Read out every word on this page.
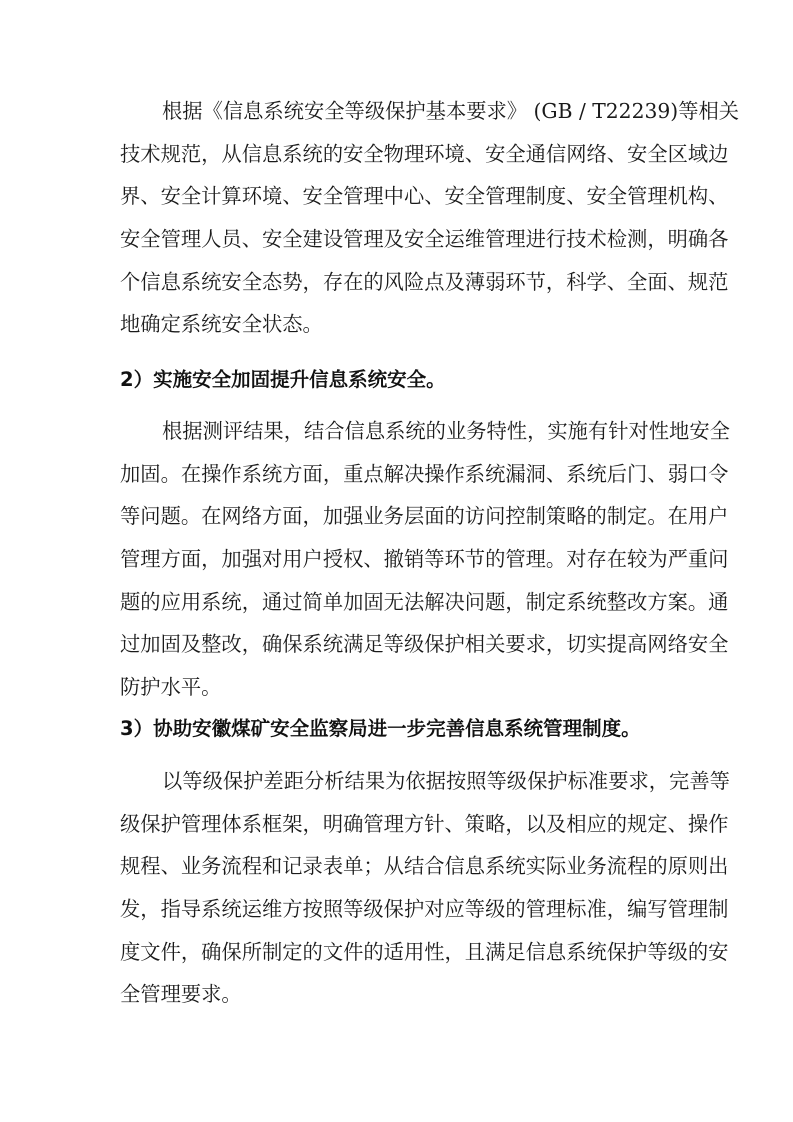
根据《信息系统安全等级保护基本要求》 (GB / T22239)等相关
技术规范，从信息系统的安全物理环境、安全通信网络、安全区域边
界、安全计算环境、安全管理中心、安全管理制度、安全管理机构、
安全管理人员、安全建设管理及安全运维管理进行技术检测，明确各
个信息系统安全态势，存在的风险点及薄弱环节，科学、全面、规范
地确定系统安全状态。
2）实施安全加固提升信息系统安全。
根据测评结果，结合信息系统的业务特性，实施有针对性地安全
加固。在操作系统方面，重点解决操作系统漏洞、系统后门、弱口令
等问题。在网络方面，加强业务层面的访问控制策略的制定。在用户
管理方面，加强对用户授权、撤销等环节的管理。对存在较为严重问
题的应用系统，通过简单加固无法解决问题，制定系统整改方案。通
过加固及整改，确保系统满足等级保护相关要求，切实提高网络安全
防护水平。
3）协助安徽煤矿安全监察局进一步完善信息系统管理制度。
以等级保护差距分析结果为依据按照等级保护标准要求，完善等
级保护管理体系框架，明确管理方针、策略，以及相应的规定、操作
规程、业务流程和记录表单；从结合信息系统实际业务流程的原则出
发，指导系统运维方按照等级保护对应等级的管理标准，编写管理制
度文件，确保所制定的文件的适用性，且满足信息系统保护等级的安
全管理要求。
